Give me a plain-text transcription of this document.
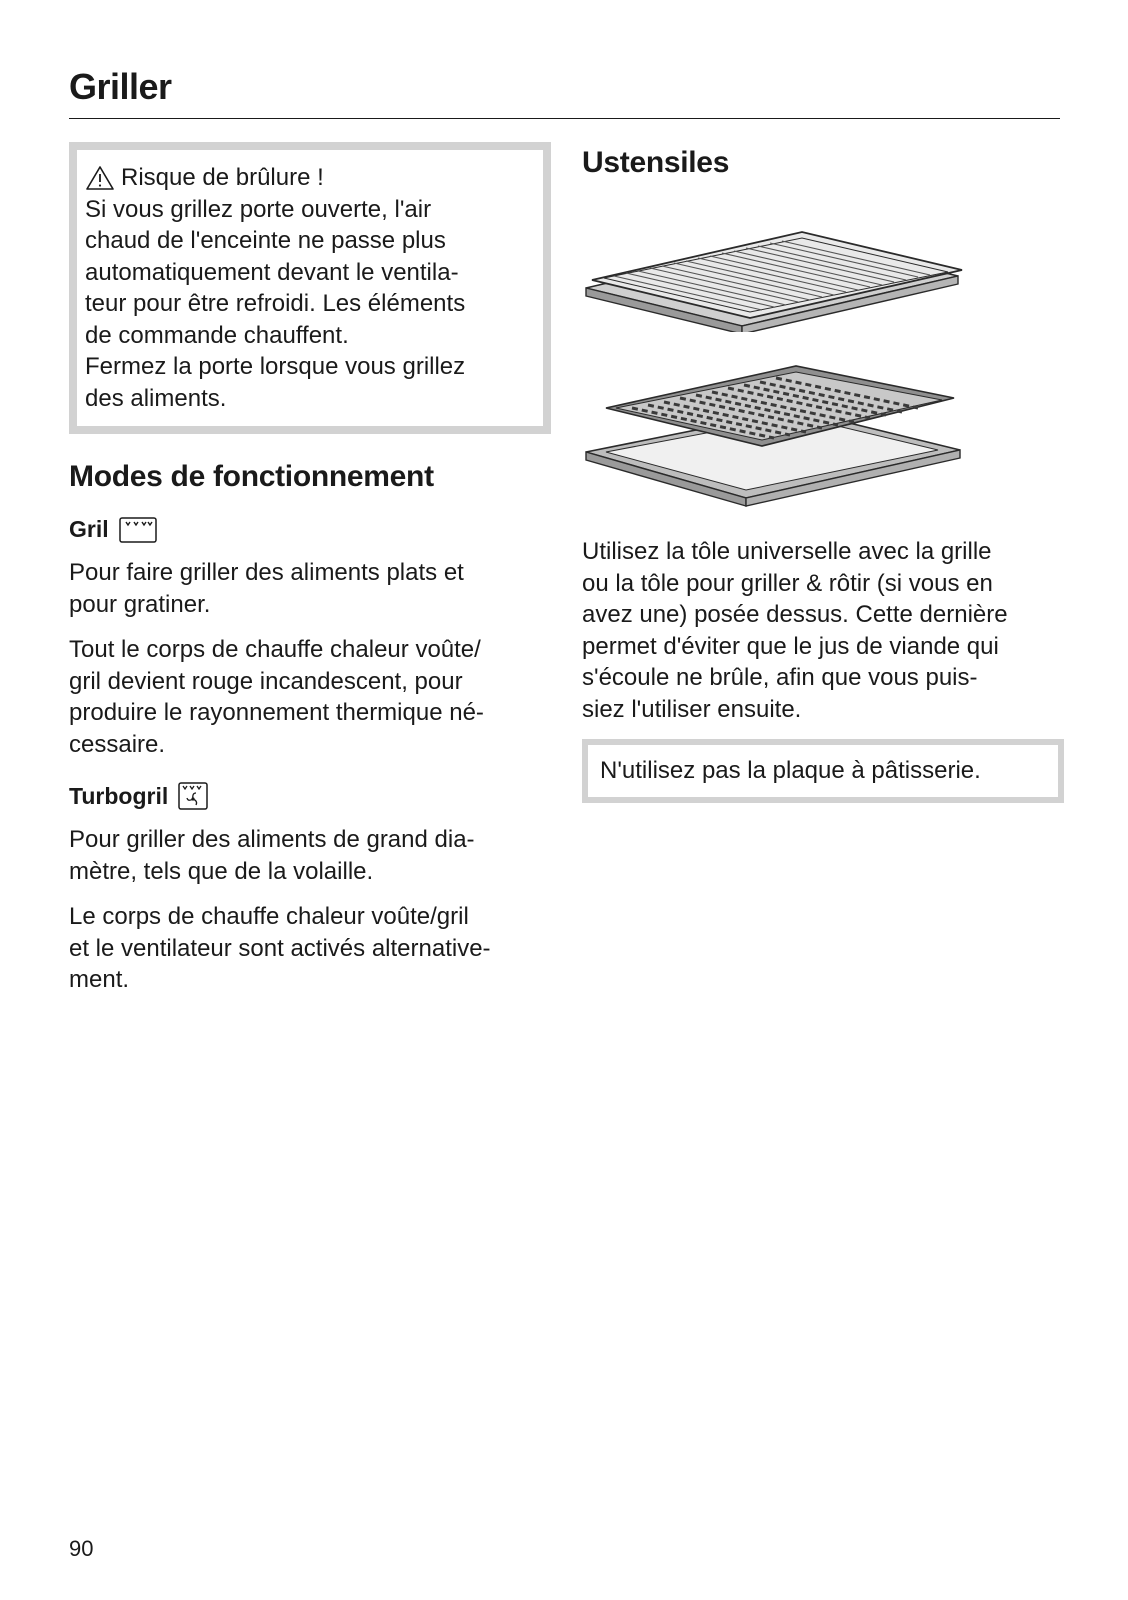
Griller

Risque de brûlure !

Si vous grillez porte ouverte, l'air

chaud de l'enceinte ne passe plus

automatiquement devant le ventila-

teur pour être refroidi. Les éléments

de commande chauffent.

Fermez la porte lorsque vous grillez

des aliments.

Modes de fonctionnement
Gril

Pour faire griller des aliments plats et

pour gratiner.

Tout le corps de chauffe chaleur voûte/

gril devient rouge incandescent, pour

produire le rayonnement thermique né-

cessaire.

Turbogril

Pour griller des aliments de grand dia-

mètre, tels que de la volaille.

Le corps de chauffe chaleur voûte/gril

et le ventilateur sont activés alternative-

ment.

Ustensiles

Utilisez la tôle universelle avec la grille

ou la tôle pour griller & rôtir (si vous en

avez une) posée dessus. Cette dernière

permet d'éviter que le jus de viande qui

s'écoule ne brûle, afin que vous puis-

siez l'utiliser ensuite.

N'utilisez pas la plaque à pâtisserie.

90
